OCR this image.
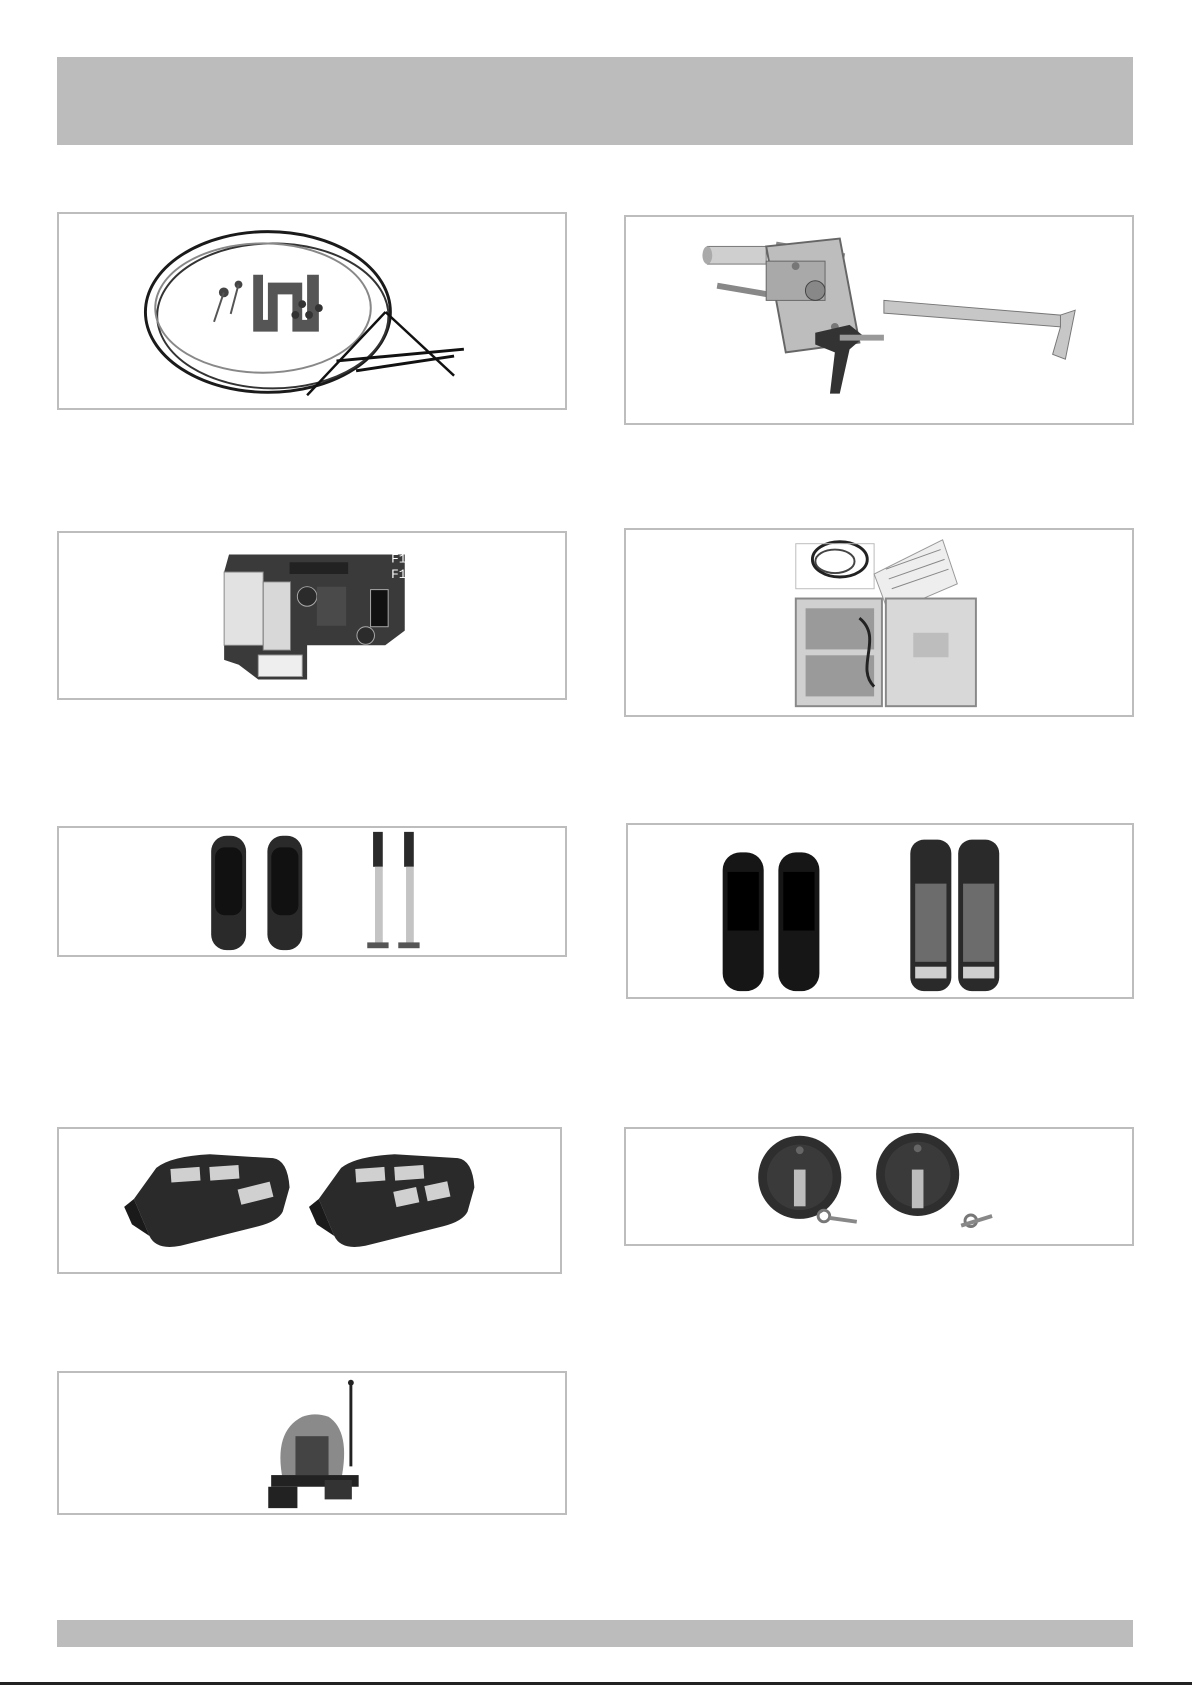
F1
F15A
